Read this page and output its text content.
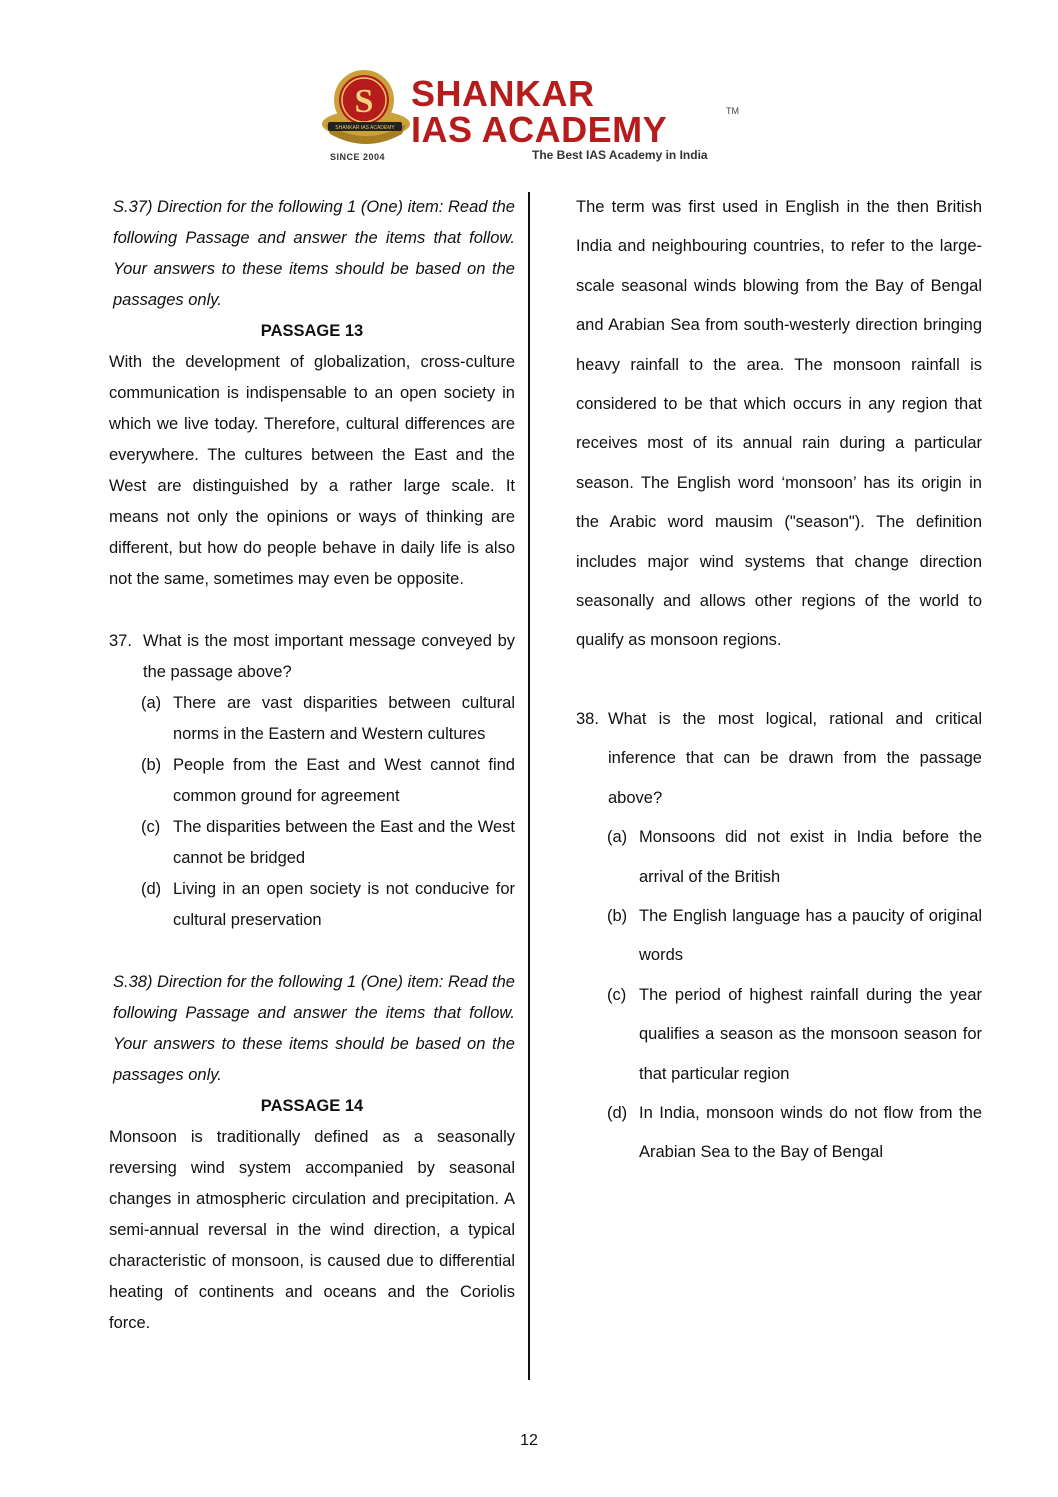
S
SHANKAR IAS ACADEMY
SINCE 2004
SHANKAR
IAS ACADEMY	TM
The Best IAS Academy in India

S.37) Direction for the following 1 (One) item: Read the following Passage and answer the items that follow. Your answers to these items should be based on the passages only.

PASSAGE 13

With the development of globalization, cross-culture communication is indispensable to an open society in which we live today. Therefore, cultural differences are everywhere. The cultures between the East and the West are distinguished by a rather large scale. It means not only the opinions or ways of thinking are different, but how do people behave in daily life is also not the same, sometimes may even be opposite.

37. What is the most important message conveyed by the passage above?
(a) There are vast disparities between cultural norms in the Eastern and Western cultures
(b) People from the East and West cannot find common ground for agreement
(c) The disparities between the East and the West cannot be bridged
(d) Living in an open society is not conducive for cultural preservation

S.38) Direction for the following 1 (One) item: Read the following Passage and answer the items that follow. Your answers to these items should be based on the passages only.

PASSAGE 14

Monsoon is traditionally defined as a seasonally reversing wind system accompanied by seasonal changes in atmospheric circulation and precipitation. A semi-annual reversal in the wind direction, a typical characteristic of monsoon, is caused due to differential heating of continents and oceans and the Coriolis force.

The term was first used in English in the then British India and neighbouring countries, to refer to the large-scale seasonal winds blowing from the Bay of Bengal and Arabian Sea from south-westerly direction bringing heavy rainfall to the area. The monsoon rainfall is considered to be that which occurs in any region that receives most of its annual rain during a particular season. The English word ‘monsoon’ has its origin in the Arabic word mausim ("season"). The definition includes major wind systems that change direction seasonally and allows other regions of the world to qualify as monsoon regions.

38. What is the most logical, rational and critical inference that can be drawn from the passage above?
(a) Monsoons did not exist in India before the arrival of the British
(b) The English language has a paucity of original words
(c) The period of highest rainfall during the year qualifies a season as the monsoon season for that particular region
(d) In India, monsoon winds do not flow from the Arabian Sea to the Bay of Bengal
12
